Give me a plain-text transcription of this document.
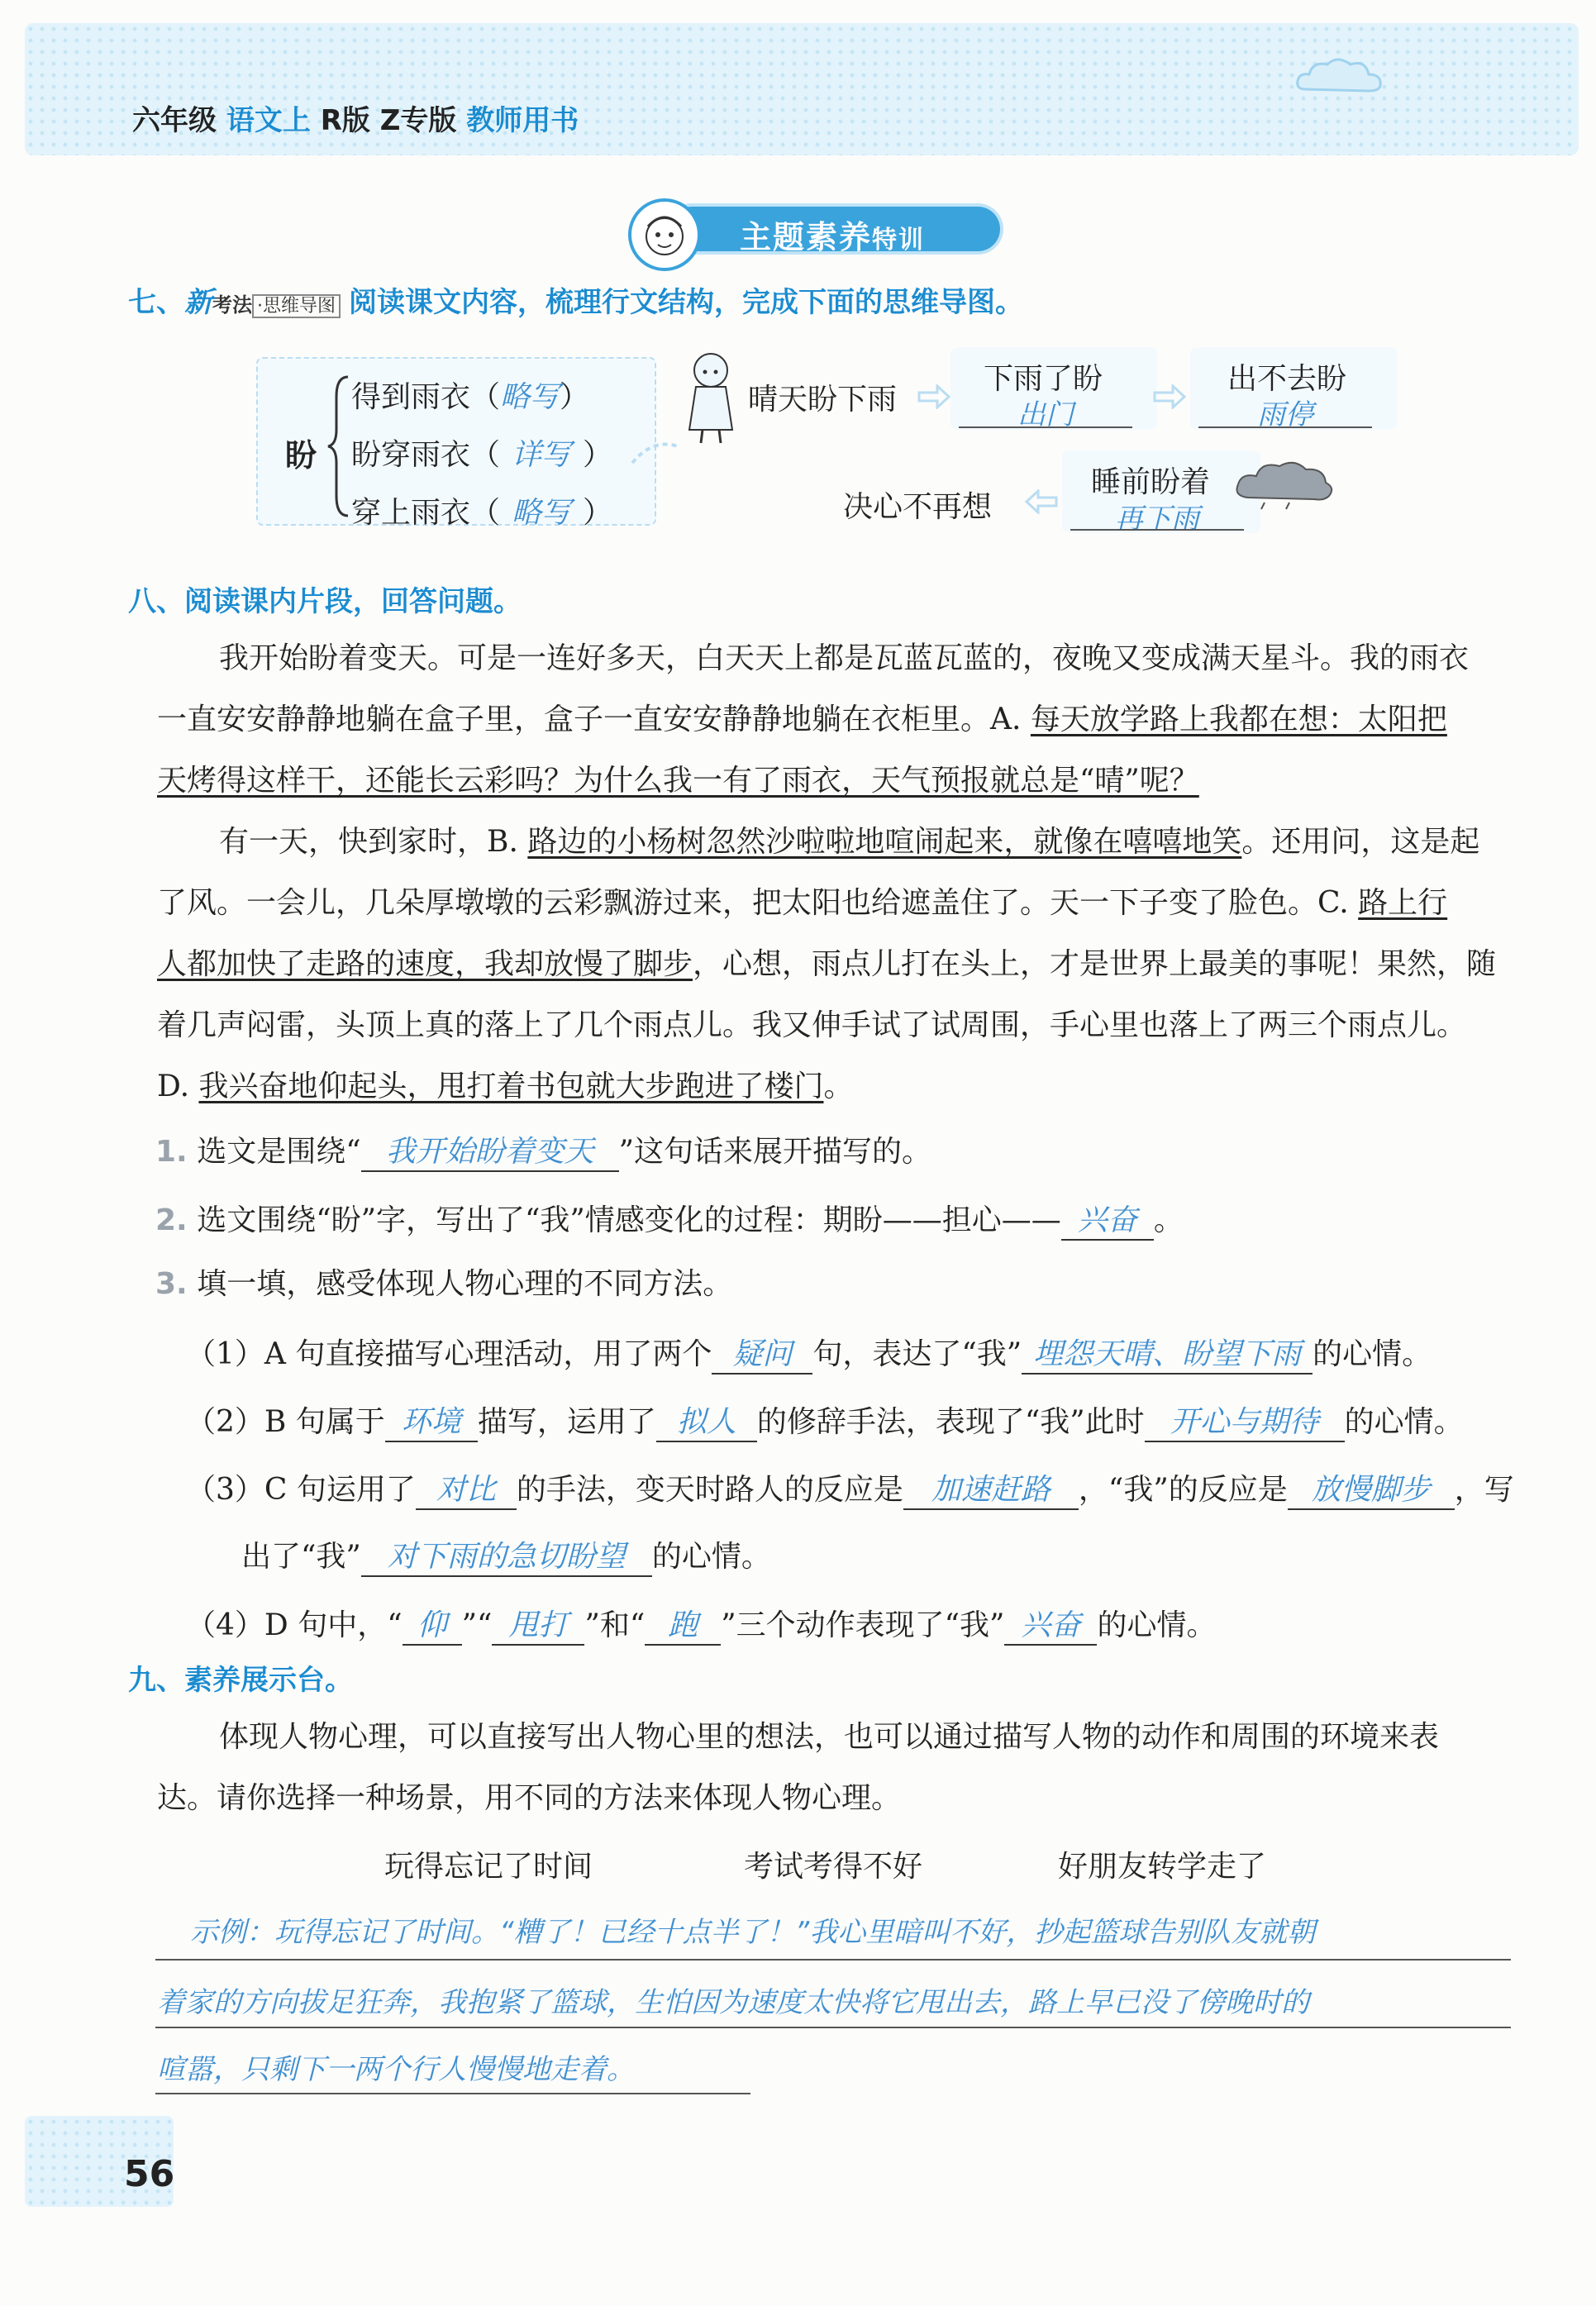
六年级 语文上 R版 Z专版 教师用书
主题素养特训
七、新考法 ·思维导图 阅读课文内容，梳理行文结构，完成下面的思维导图。
盼
得到雨衣（略写）
盼穿雨衣（ 详写 ）
穿上雨衣（ 略写 ）
晴天盼下雨
下雨了盼
出门
出不去盼
雨停
决心不再想
睡前盼着
再下雨
八、阅读课内片段，回答问题。
我开始盼着变天。可是一连好多天，白天天上都是瓦蓝瓦蓝的，夜晚又变成满天星斗。我的雨衣
一直安安静静地躺在盒子里，盒子一直安安静静地躺在衣柜里。A. 每天放学路上我都在想：太阳把
天烤得这样干，还能长云彩吗？为什么我一有了雨衣，天气预报就总是“晴”呢？
有一天，快到家时，B. 路边的小杨树忽然沙啦啦地喧闹起来，就像在嘻嘻地笑。还用问，这是起
了风。一会儿，几朵厚墩墩的云彩飘游过来，把太阳也给遮盖住了。天一下子变了脸色。C. 路上行
人都加快了走路的速度，我却放慢了脚步，心想，雨点儿打在头上，才是世界上最美的事呢！果然，随
着几声闷雷，头顶上真的落上了几个雨点儿。我又伸手试了试周围，手心里也落上了两三个雨点儿。
D. 我兴奋地仰起头，甩打着书包就大步跑进了楼门。
1. 选文是围绕“ 我开始盼着变天 ”这句话来展开描写的。
2. 选文围绕“盼”字，写出了“我”情感变化的过程：期盼——担心—— 兴奋 。
3. 填一填，感受体现人物心理的不同方法。
（1）A 句直接描写心理活动，用了两个 疑问 句，表达了“我” 埋怨天晴、盼望下雨 的心情。
（2）B 句属于 环境 描写，运用了 拟人 的修辞手法，表现了“我”此时 开心与期待 的心情。
（3）C 句运用了 对比 的手法，变天时路人的反应是 加速赶路 ，“我”的反应是 放慢脚步 ，写
出了“我” 对下雨的急切盼望 的心情。
（4）D 句中，“ 仰 ”“ 甩打 ”和“ 跑 ”三个动作表现了“我” 兴奋 的心情。
九、素养展示台。
体现人物心理，可以直接写出人物心里的想法，也可以通过描写人物的动作和周围的环境来表
达。请你选择一种场景，用不同的方法来体现人物心理。
玩得忘记了时间	考试考得不好	好朋友转学走了
示例：玩得忘记了时间。“糟了！已经十点半了！”我心里暗叫不好，抄起篮球告别队友就朝
着家的方向拔足狂奔，我抱紧了篮球，生怕因为速度太快将它甩出去，路上早已没了傍晚时的
喧嚣，只剩下一两个行人慢慢地走着。
56
